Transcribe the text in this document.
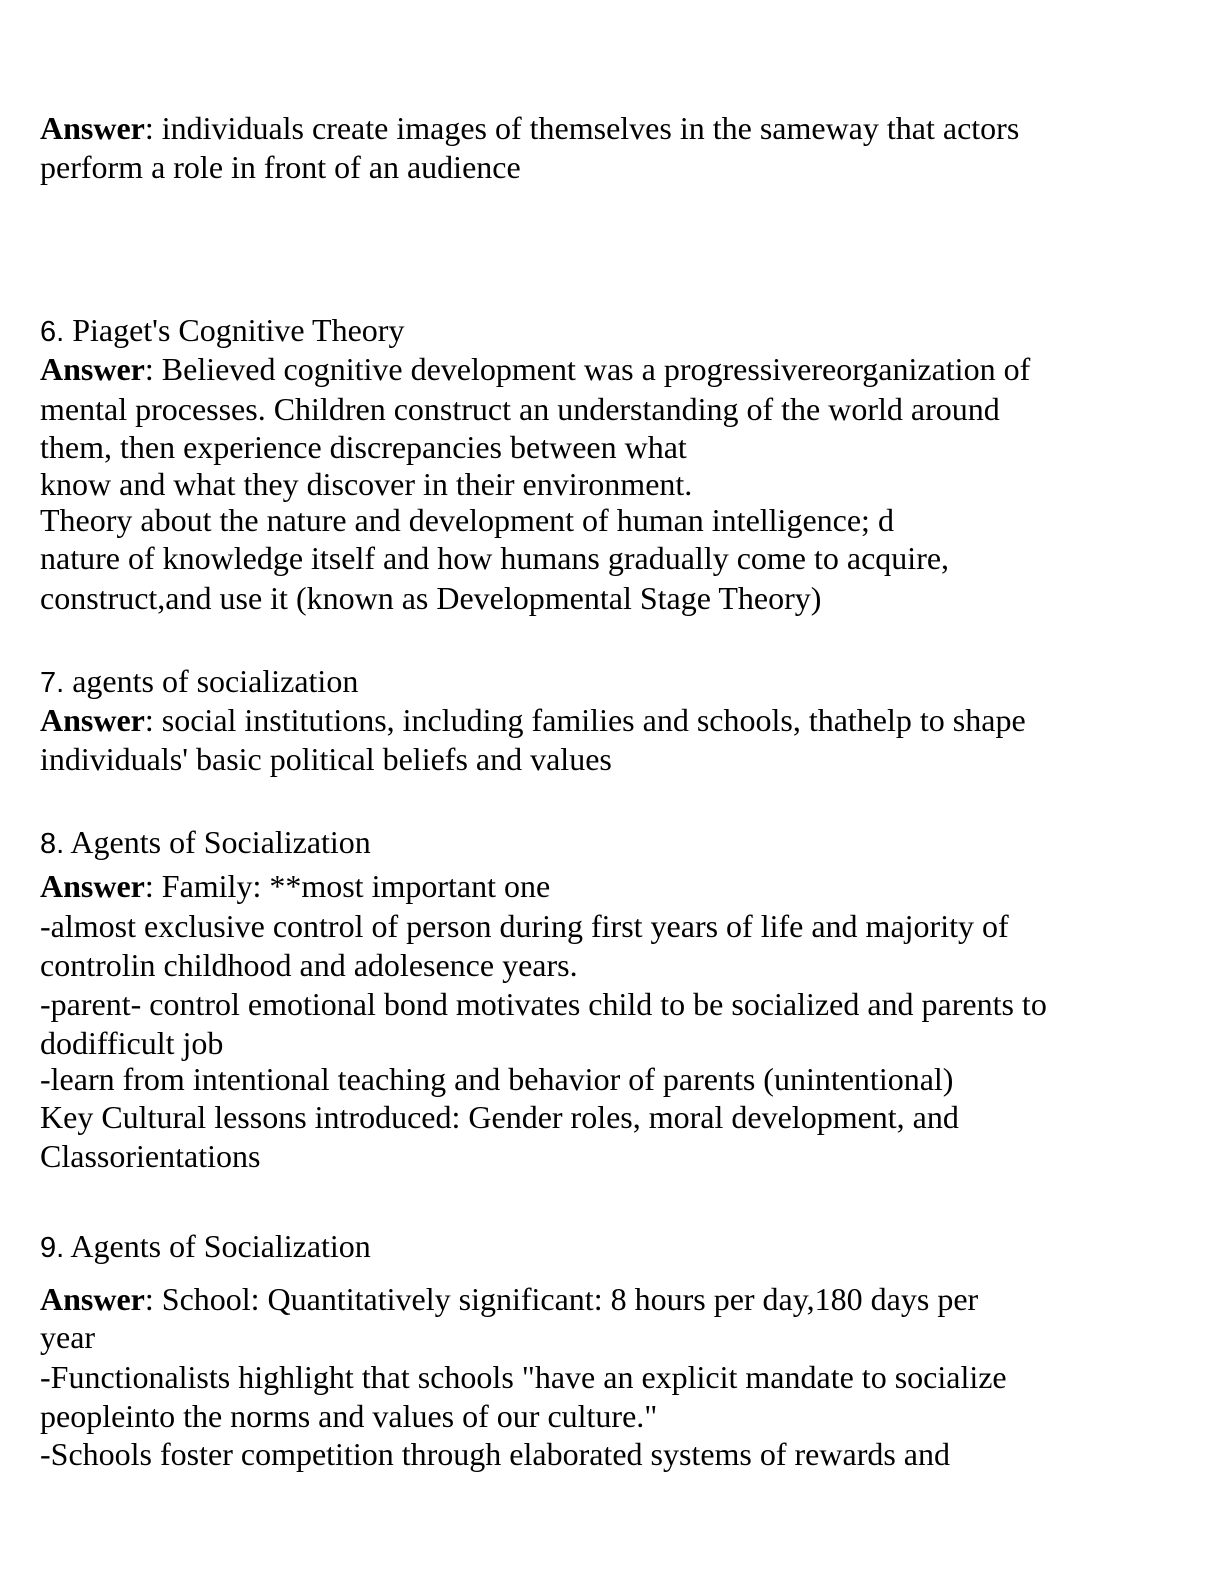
Answer: individuals create images of themselves in the sameway that actors
perform a role in front of an audience
6. Piaget's Cognitive Theory
Answer: Believed cognitive development was a progressivereorganization of
mental processes. Children construct an understanding of the world around
them, then experience discrepancies between what
know and what they discover in their environment.
Theory about the nature and development of human intelligence; d
nature of knowledge itself and how humans gradually come to acquire,
construct,and use it (known as Developmental Stage Theory)
7. agents of socialization
Answer: social institutions, including families and schools, thathelp to shape
individuals' basic political beliefs and values
8. Agents of Socialization
Answer: Family: **most important one
-almost exclusive control of person during first years of life and majority of
controlin childhood and adolesence years.
-parent- control emotional bond motivates child to be socialized and parents to
dodifficult job
-learn from intentional teaching and behavior of parents (unintentional)
Key Cultural lessons introduced: Gender roles, moral development, and
Classorientations
9. Agents of Socialization
Answer: School: Quantitatively significant: 8 hours per day,180 days per
year
-Functionalists highlight that schools "have an explicit mandate to socialize
peopleinto the norms and values of our culture."
-Schools foster competition through elaborated systems of rewards and
